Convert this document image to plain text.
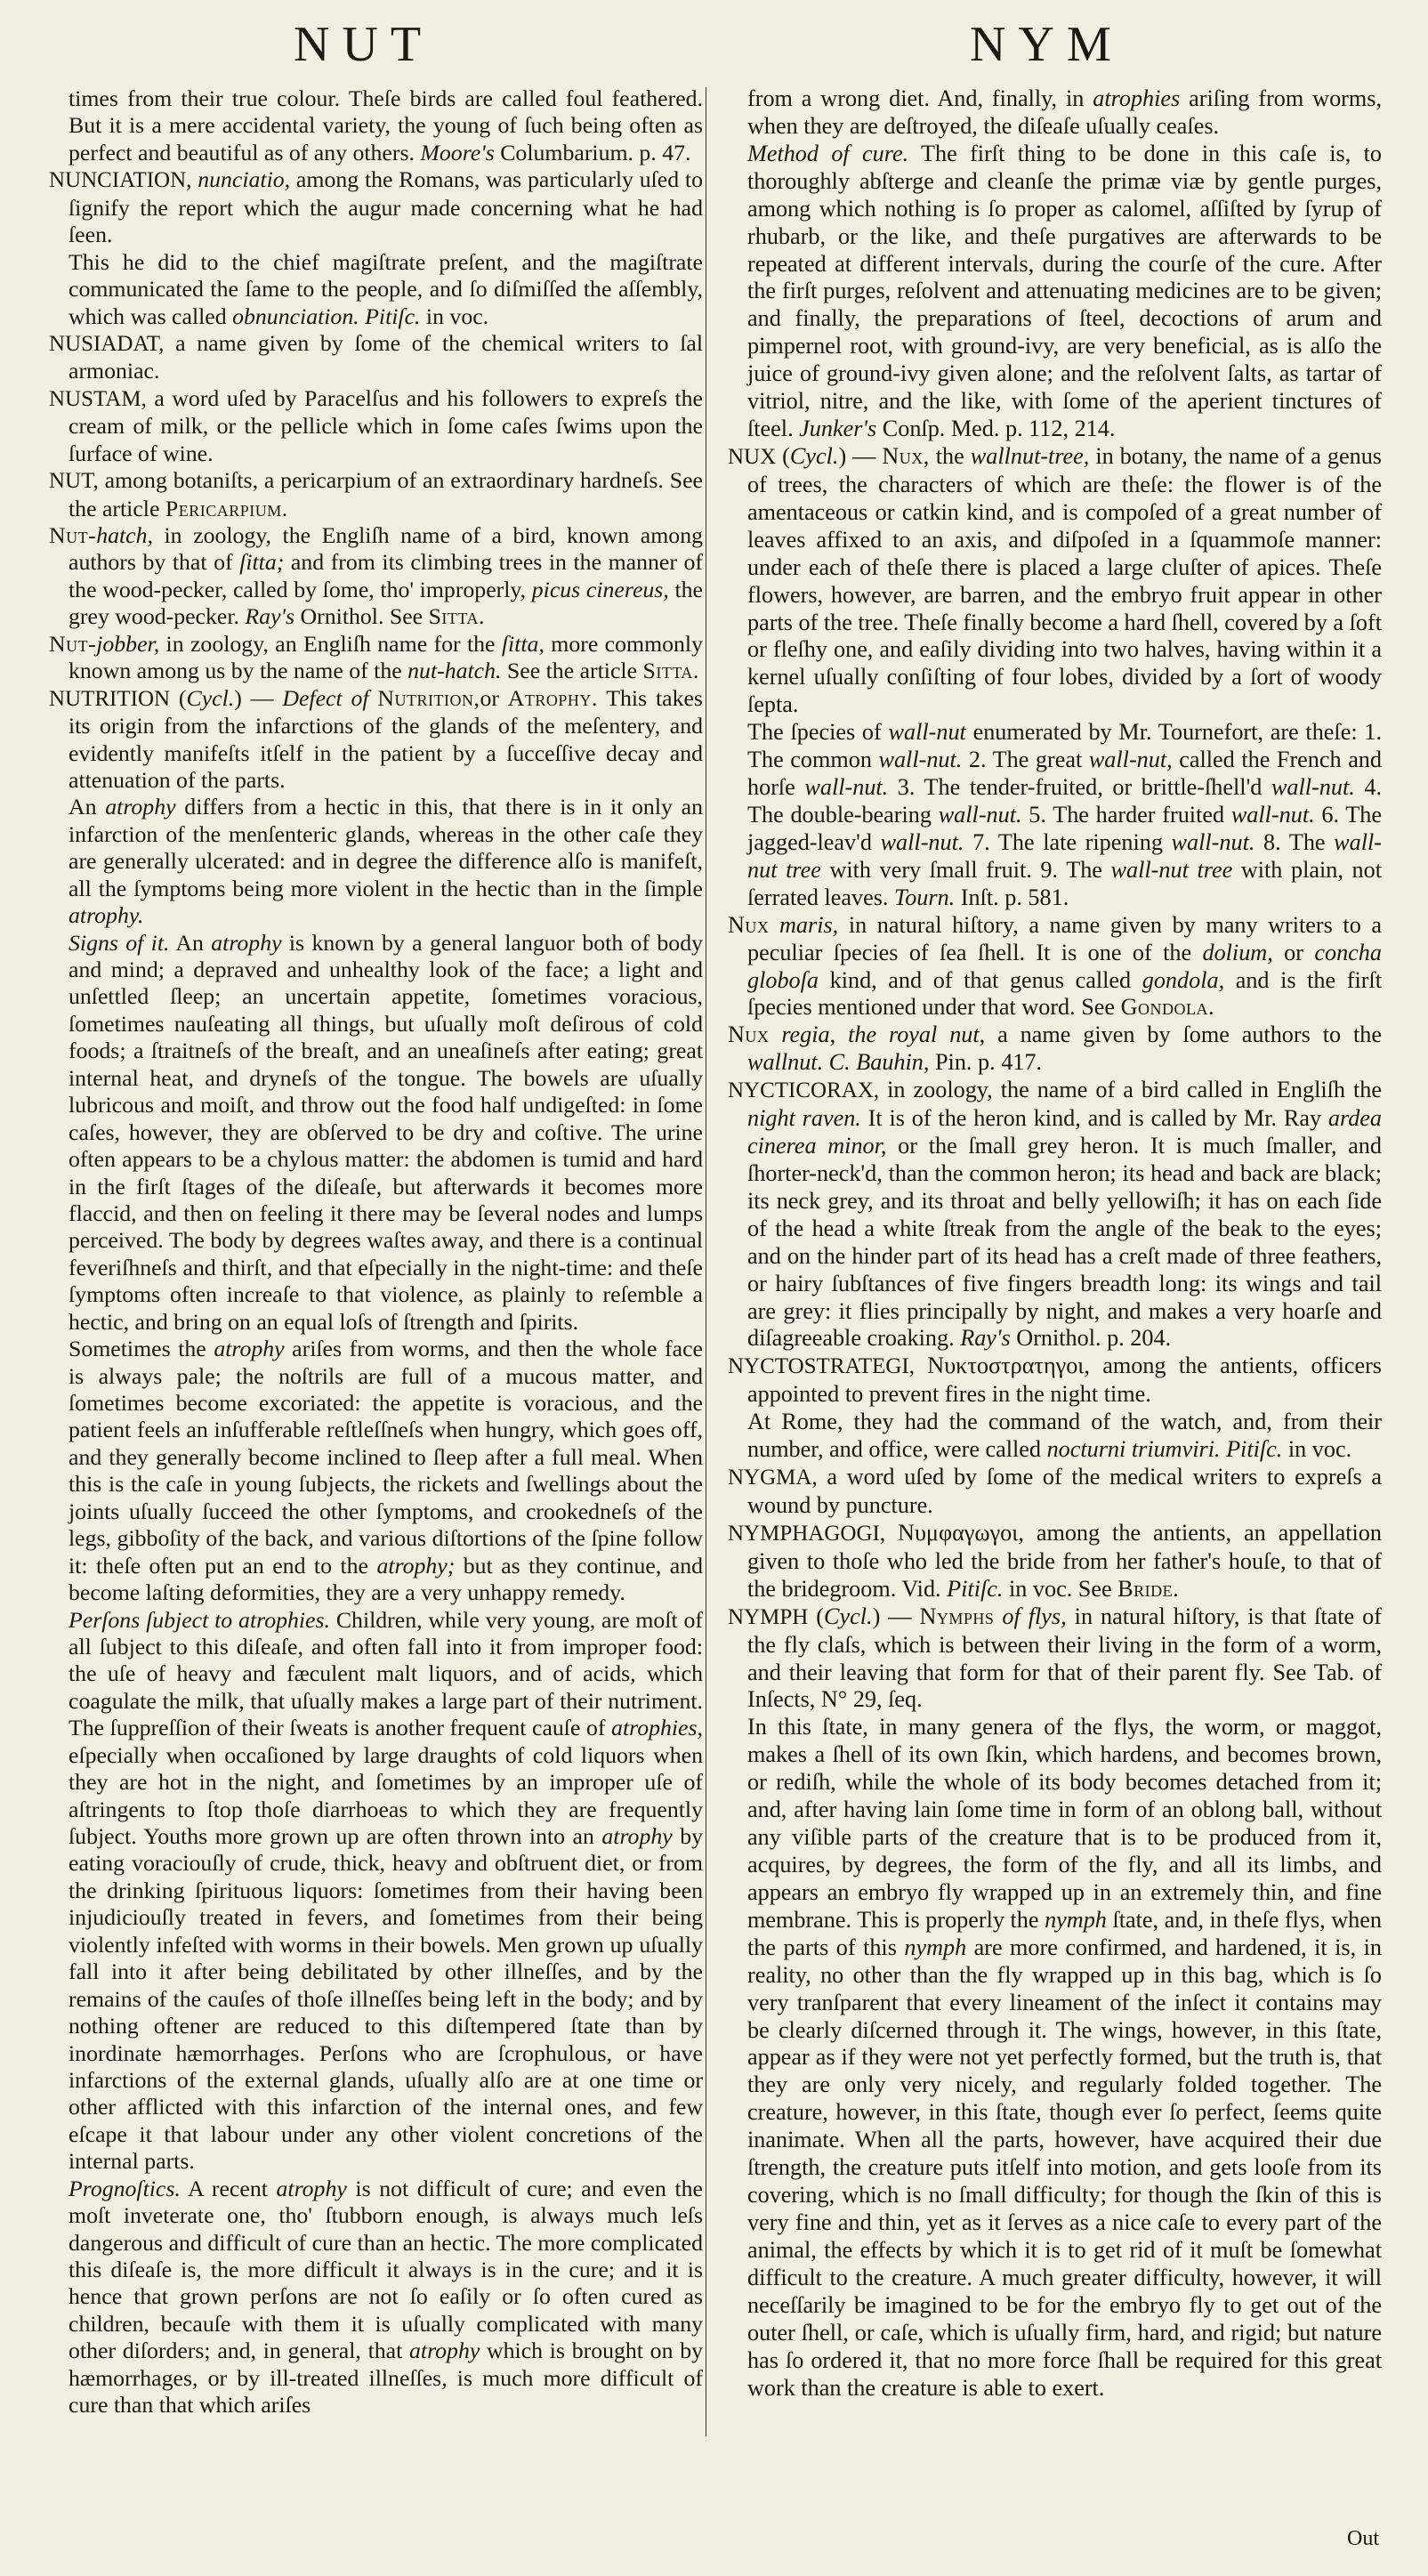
NUT	NYM

times from their true colour. Theſe birds are called foul feathered. But it is a mere accidental variety, the young of ſuch being often as perfect and beautiful as of any others. Moore's Columbarium. p. 47.

NUNCIATION, nunciatio, among the Romans, was particularly uſed to ſignify the report which the augur made concerning what he had ſeen.

This he did to the chief magiſtrate preſent, and the magiſtrate communicated the ſame to the people, and ſo diſmiſſed the aſſembly, which was called obnunciation. Pitiſc. in voc.

NUSIADAT, a name given by ſome of the chemical writers to ſal armoniac.

NUSTAM, a word uſed by Paracelſus and his followers to expreſs the cream of milk, or the pellicle which in ſome caſes ſwims upon the ſurface of wine.

NUT, among botaniſts, a pericarpium of an extraordinary hardneſs. See the article Pericarpium.

Nut-hatch, in zoology, the Engliſh name of a bird, known among authors by that of ſitta; and from its climbing trees in the manner of the wood-pecker, called by ſome, tho' improperly, picus cinereus, the grey wood-pecker. Ray's Ornithol. See Sitta.

Nut-jobber, in zoology, an Engliſh name for the ſitta, more commonly known among us by the name of the nut-hatch. See the article Sitta.

NUTRITION (Cycl.) — Defect of Nutrition,or Atrophy. This takes its origin from the infarctions of the glands of the meſentery, and evidently manifeſts itſelf in the patient by a ſucceſſive decay and attenuation of the parts.

An atrophy differs from a hectic in this, that there is in it only an infarction of the menſenteric glands, whereas in the other caſe they are generally ulcerated: and in degree the difference alſo is manifeſt, all the ſymptoms being more violent in the hectic than in the ſimple atrophy.

Signs of it. An atrophy is known by a general languor both of body and mind; a depraved and unhealthy look of the face; a light and unſettled ſleep; an uncertain appetite, ſometimes voracious, ſometimes nauſeating all things, but uſually moſt deſirous of cold foods; a ſtraitneſs of the breaſt, and an uneaſineſs after eating; great internal heat, and dryneſs of the tongue. The bowels are uſually lubricous and moiſt, and throw out the food half undigeſted: in ſome caſes, however, they are obſerved to be dry and coſtive. The urine often appears to be a chylous matter: the abdomen is tumid and hard in the firſt ſtages of the diſeaſe, but afterwards it becomes more flaccid, and then on feeling it there may be ſeveral nodes and lumps perceived. The body by degrees waſtes away, and there is a continual feveriſhneſs and thirſt, and that eſpecially in the night-time: and theſe ſymptoms often increaſe to that violence, as plainly to reſemble a hectic, and bring on an equal loſs of ſtrength and ſpirits.

Sometimes the atrophy ariſes from worms, and then the whole face is always pale; the noſtrils are full of a mucous matter, and ſometimes become excoriated: the appetite is voracious, and the patient feels an inſufferable reſtleſſneſs when hungry, which goes off, and they generally become inclined to ſleep after a full meal. When this is the caſe in young ſubjects, the rickets and ſwellings about the joints uſually ſucceed the other ſymptoms, and crookedneſs of the legs, gibboſity of the back, and various diſtortions of the ſpine follow it: theſe often put an end to the atrophy; but as they continue, and become laſting deformities, they are a very unhappy remedy.

Perſons ſubject to atrophies. Children, while very young, are moſt of all ſubject to this diſeaſe, and often fall into it from improper food: the uſe of heavy and fæculent malt liquors, and of acids, which coagulate the milk, that uſually makes a large part of their nutriment. The ſuppreſſion of their ſweats is another frequent cauſe of atrophies, eſpecially when occaſioned by large draughts of cold liquors when they are hot in the night, and ſometimes by an improper uſe of aſtringents to ſtop thoſe diarrhoeas to which they are frequently ſubject. Youths more grown up are often thrown into an atrophy by eating voraciouſly of crude, thick, heavy and obſtruent diet, or from the drinking ſpirituous liquors: ſometimes from their having been injudiciouſly treated in fevers, and ſometimes from their being violently infeſted with worms in their bowels. Men grown up uſually fall into it after being debilitated by other illneſſes, and by the remains of the cauſes of thoſe illneſſes being left in the body; and by nothing oftener are reduced to this diſtempered ſtate than by inordinate hæmorrhages. Perſons who are ſcrophulous, or have infarctions of the external glands, uſually alſo are at one time or other afflicted with this infarction of the internal ones, and few eſcape it that labour under any other violent concretions of the internal parts.

Prognoſtics. A recent atrophy is not difficult of cure; and even the moſt inveterate one, tho' ſtubborn enough, is always much leſs dangerous and difficult of cure than an hectic. The more complicated this diſeaſe is, the more difficult it always is in the cure; and it is hence that grown perſons are not ſo eaſily or ſo often cured as children, becauſe with them it is uſually complicated with many other diſorders; and, in general, that atrophy which is brought on by hæmorrhages, or by ill-treated illneſſes, is much more difficult of cure than that which ariſes

from a wrong diet. And, finally, in atrophies ariſing from worms, when they are deſtroyed, the diſeaſe uſually ceaſes.

Method of cure. The firſt thing to be done in this caſe is, to thoroughly abſterge and cleanſe the primæ viæ by gentle purges, among which nothing is ſo proper as calomel, aſſiſted by ſyrup of rhubarb, or the like, and theſe purgatives are afterwards to be repeated at different intervals, during the courſe of the cure. After the firſt purges, reſolvent and attenuating medicines are to be given; and finally, the preparations of ſteel, decoctions of arum and pimpernel root, with ground-ivy, are very beneficial, as is alſo the juice of ground-ivy given alone; and the reſolvent ſalts, as tartar of vitriol, nitre, and the like, with ſome of the aperient tinctures of ſteel. Junker's Conſp. Med. p. 112, 214.

NUX (Cycl.) — Nux, the wallnut-tree, in botany, the name of a genus of trees, the characters of which are theſe: the flower is of the amentaceous or catkin kind, and is compoſed of a great number of leaves affixed to an axis, and diſpoſed in a ſquammoſe manner: under each of theſe there is placed a large cluſter of apices. Theſe flowers, however, are barren, and the embryo fruit appear in other parts of the tree. Theſe finally become a hard ſhell, covered by a ſoft or fleſhy one, and eaſily dividing into two halves, having within it a kernel uſually conſiſting of four lobes, divided by a ſort of woody ſepta.

The ſpecies of wall-nut enumerated by Mr. Tournefort, are theſe: 1. The common wall-nut. 2. The great wall-nut, called the French and horſe wall-nut. 3. The tender-fruited, or brittle-ſhell'd wall-nut. 4. The double-bearing wall-nut. 5. The harder fruited wall-nut. 6. The jagged-leav'd wall-nut. 7. The late ripening wall-nut. 8. The wall-nut tree with very ſmall fruit. 9. The wall-nut tree with plain, not ſerrated leaves. Tourn. Inſt. p. 581.

Nux maris, in natural hiſtory, a name given by many writers to a peculiar ſpecies of ſea ſhell. It is one of the dolium, or concha globoſa kind, and of that genus called gondola, and is the firſt ſpecies mentioned under that word. See Gondola.

Nux regia, the royal nut, a name given by ſome authors to the wallnut. C. Bauhin, Pin. p. 417.

NYCTICORAX, in zoology, the name of a bird called in Engliſh the night raven. It is of the heron kind, and is called by Mr. Ray ardea cinerea minor, or the ſmall grey heron. It is much ſmaller, and ſhorter-neck'd, than the common heron; its head and back are black; its neck grey, and its throat and belly yellowiſh; it has on each ſide of the head a white ſtreak from the angle of the beak to the eyes; and on the hinder part of its head has a creſt made of three feathers, or hairy ſubſtances of five fingers breadth long: its wings and tail are grey: it flies principally by night, and makes a very hoarſe and diſagreeable croaking. Ray's Ornithol. p. 204.

NYCTOSTRATEGI, Νυκτοστρατηγοι, among the antients, officers appointed to prevent fires in the night time.

At Rome, they had the command of the watch, and, from their number, and office, were called nocturni triumviri. Pitiſc. in voc.

NYGMA, a word uſed by ſome of the medical writers to expreſs a wound by puncture.

NYMPHAGOGI, Νυμφαγωγοι, among the antients, an appellation given to thoſe who led the bride from her father's houſe, to that of the bridegroom. Vid. Pitiſc. in voc. See Bride.

NYMPH (Cycl.) — Nymphs of flys, in natural hiſtory, is that ſtate of the fly claſs, which is between their living in the form of a worm, and their leaving that form for that of their parent fly. See Tab. of Inſects, N° 29, ſeq.

In this ſtate, in many genera of the flys, the worm, or maggot, makes a ſhell of its own ſkin, which hardens, and becomes brown, or rediſh, while the whole of its body becomes detached from it; and, after having lain ſome time in form of an oblong ball, without any viſible parts of the creature that is to be produced from it, acquires, by degrees, the form of the fly, and all its limbs, and appears an embryo fly wrapped up in an extremely thin, and fine membrane. This is properly the nymph ſtate, and, in theſe flys, when the parts of this nymph are more confirmed, and hardened, it is, in reality, no other than the fly wrapped up in this bag, which is ſo very tranſparent that every lineament of the inſect it contains may be clearly diſcerned through it. The wings, however, in this ſtate, appear as if they were not yet perfectly formed, but the truth is, that they are only very nicely, and regularly folded together. The creature, however, in this ſtate, though ever ſo perfect, ſeems quite inanimate. When all the parts, however, have acquired their due ſtrength, the creature puts itſelf into motion, and gets looſe from its covering, which is no ſmall difficulty; for though the ſkin of this is very fine and thin, yet as it ſerves as a nice caſe to every part of the animal, the effects by which it is to get rid of it muſt be ſomewhat difficult to the creature. A much greater difficulty, however, it will neceſſarily be imagined to be for the embryo fly to get out of the outer ſhell, or caſe, which is uſually firm, hard, and rigid; but nature has ſo ordered it, that no more force ſhall be required for this great work than the creature is able to exert.

Out
